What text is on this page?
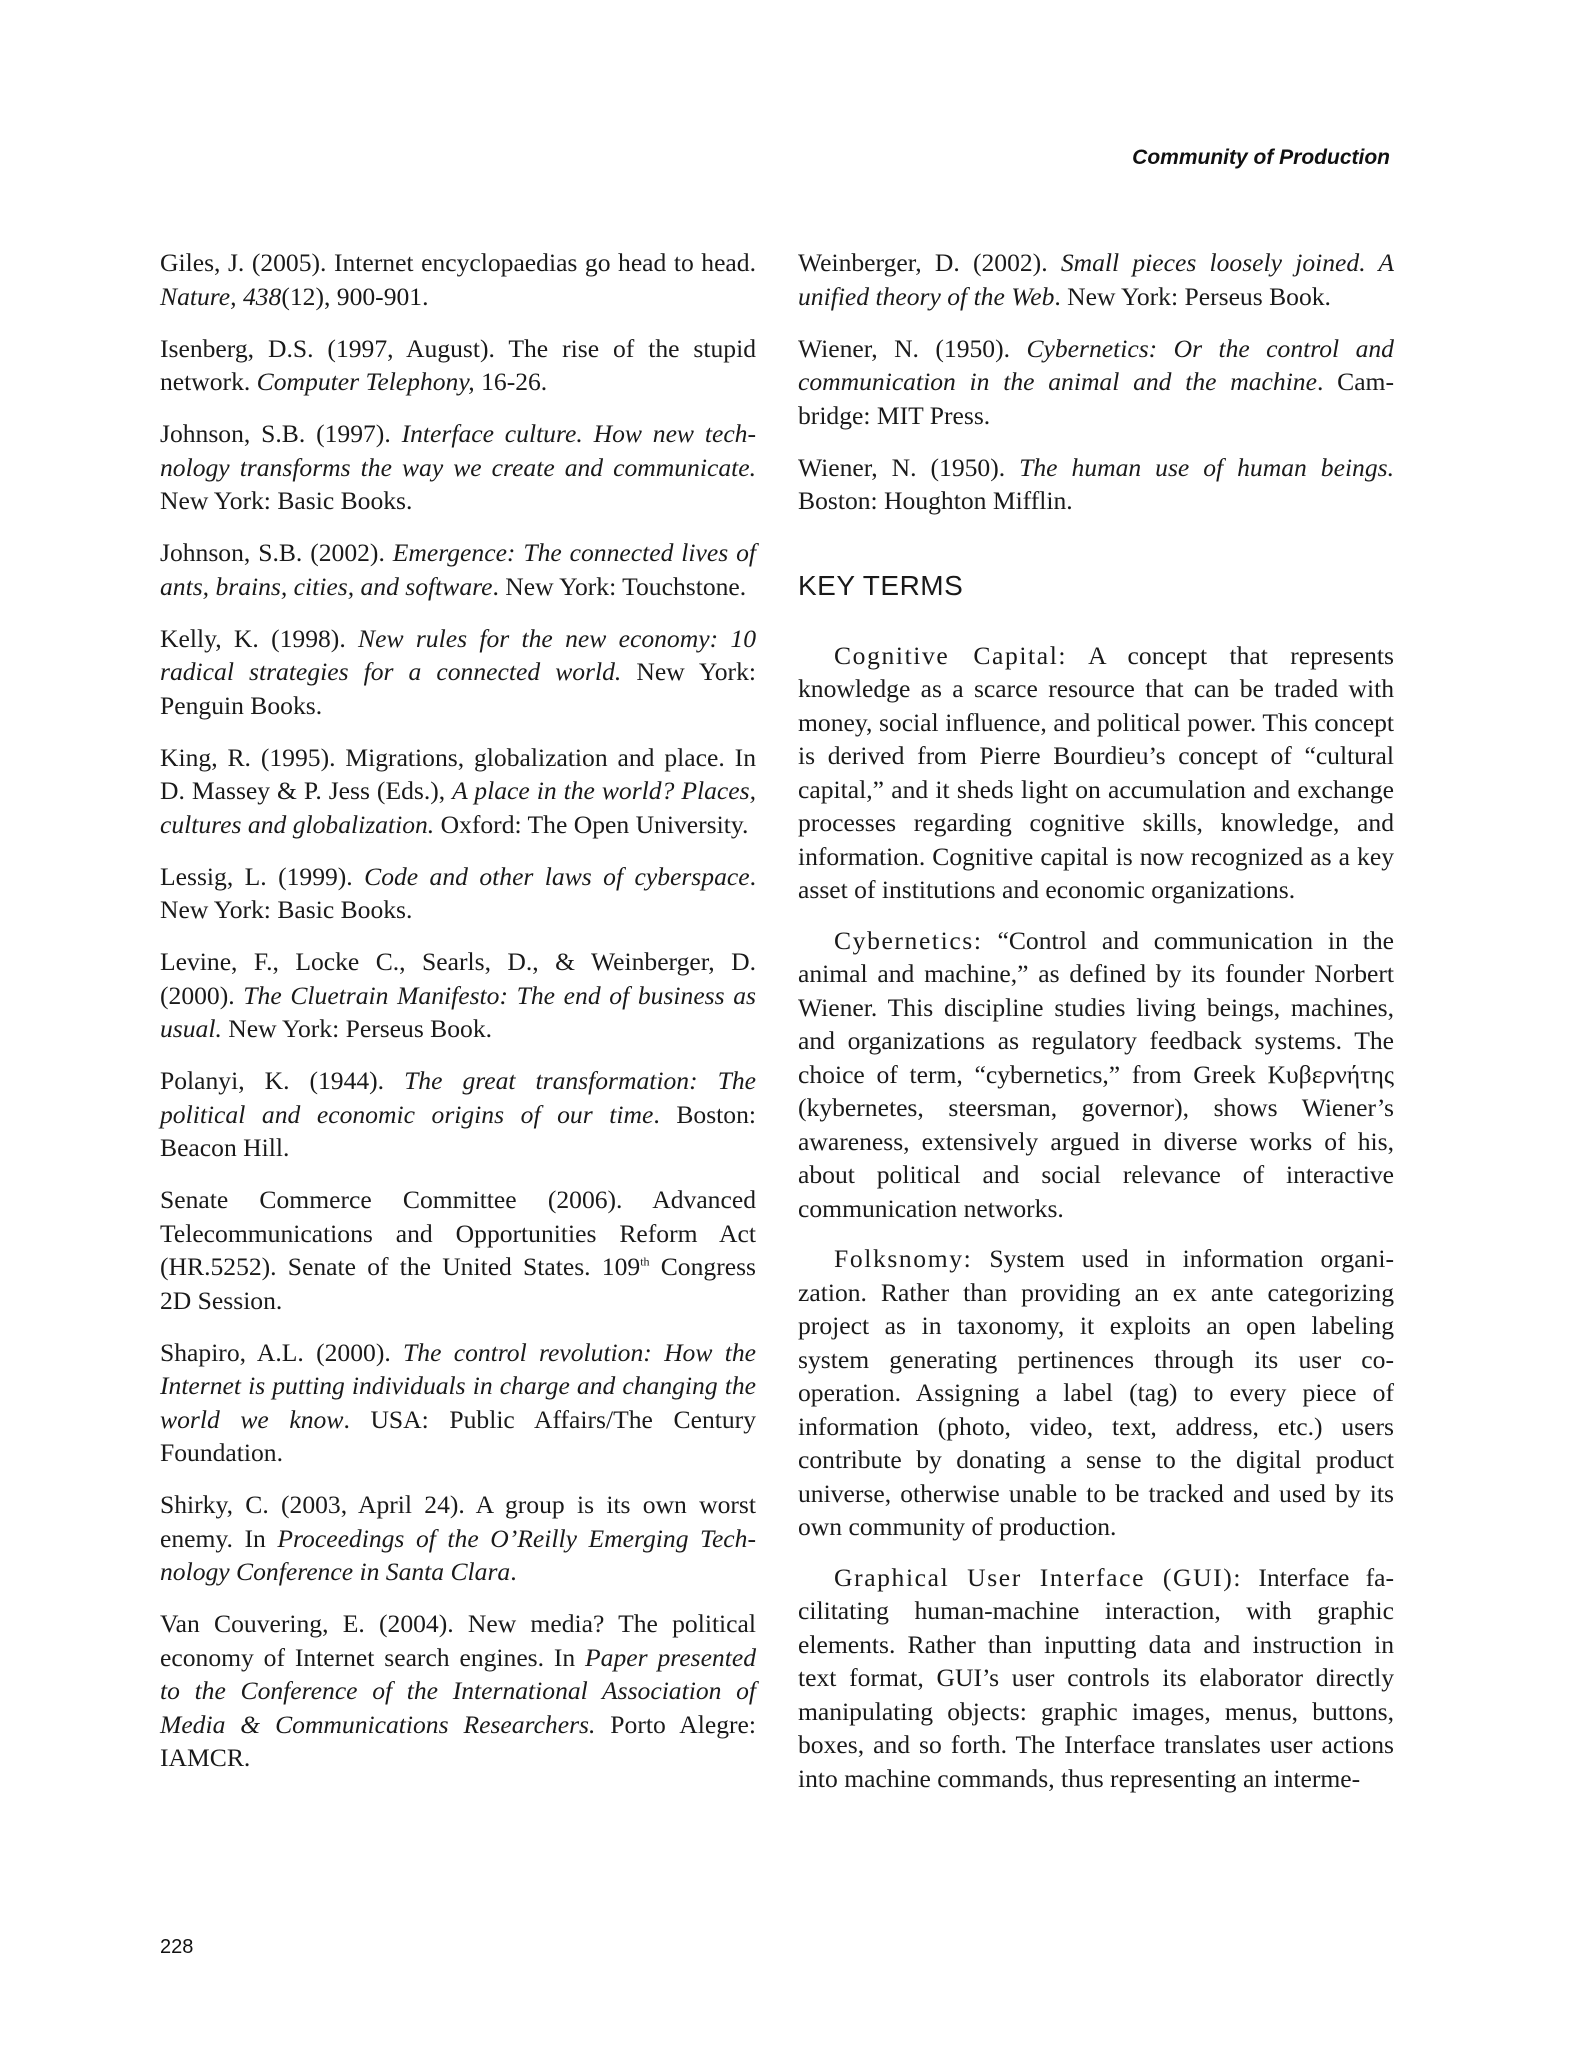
Community of Production

Giles, J. (2005). Internet encyclopaedias go head to head. Nature, 438(12), 900-901.

Isenberg, D.S. (1997, August). The rise of the stupid network. Computer Telephony, 16-26.

Johnson, S.B. (1997). Interface culture. How new technology transforms the way we create and communicate. New York: Basic Books.

Johnson, S.B. (2002). Emergence: The connected lives of ants, brains, cities, and software. New York: Touchstone.

Kelly, K. (1998). New rules for the new economy: 10 radical strategies for a connected world. New York: Penguin Books.

King, R. (1995). Migrations, globalization and place. In D. Massey & P. Jess (Eds.), A place in the world? Places, cultures and globalization. Oxford: The Open University.

Lessig, L. (1999). Code and other laws of cyberspace. New York: Basic Books.

Levine, F., Locke C., Searls, D., & Weinberger, D. (2000). The Cluetrain Manifesto: The end of business as usual. New York: Perseus Book.

Polanyi, K. (1944). The great transformation: The political and economic origins of our time. Boston: Beacon Hill.

Senate Commerce Committee (2006). Advanced Telecommunications and Opportunities Reform Act (HR.5252). Senate of the United States. 109th Congress 2D Session.

Shapiro, A.L. (2000). The control revolution: How the Internet is putting individuals in charge and changing the world we know. USA: Public Affairs/The Century Foundation.

Shirky, C. (2003, April 24). A group is its own worst enemy. In Proceedings of the O’Reilly Emerging Technology Conference in Santa Clara.

Van Couvering, E. (2004). New media? The political economy of Internet search engines. In Paper presented to the Conference of the International Association of Media & Communications Researchers. Porto Alegre: IAMCR.

Weinberger, D. (2002). Small pieces loosely joined. A unified theory of the Web. New York: Perseus Book.

Wiener, N. (1950). Cybernetics: Or the control and communication in the animal and the machine. Cambridge: MIT Press.

Wiener, N. (1950). The human use of human beings. Boston: Houghton Mifflin.

KEY TERMS

Cognitive Capital: A concept that represents knowledge as a scarce resource that can be traded with money, social influence, and political power. This concept is derived from Pierre Bourdieu’s concept of “cultural capital,” and it sheds light on accumulation and exchange processes regarding cognitive skills, knowledge, and information. Cognitive capital is now recognized as a key asset of institutions and economic organizations.

Cybernetics: “Control and communication in the animal and machine,” as defined by its founder Norbert Wiener. This discipline studies living beings, machines, and organizations as regulatory feedback systems. The choice of term, “cybernetics,” from Greek Κυβερνήτης (kybernetes, steersman, governor), shows Wiener’s awareness, extensively argued in diverse works of his, about political and social relevance of interactive communication networks.

Folksnomy: System used in information organization. Rather than providing an ex ante categorizing project as in taxonomy, it exploits an open labeling system generating pertinences through its user cooperation. Assigning a label (tag) to every piece of information (photo, video, text, address, etc.) users contribute by donating a sense to the digital product universe, otherwise unable to be tracked and used by its own community of production.

Graphical User Interface (GUI): Interface facilitating human-machine interaction, with graphic elements. Rather than inputting data and instruction in text format, GUI’s user controls its elaborator directly manipulating objects: graphic images, menus, buttons, boxes, and so forth. The Interface translates user actions into machine commands, thus representing an interme-

228
